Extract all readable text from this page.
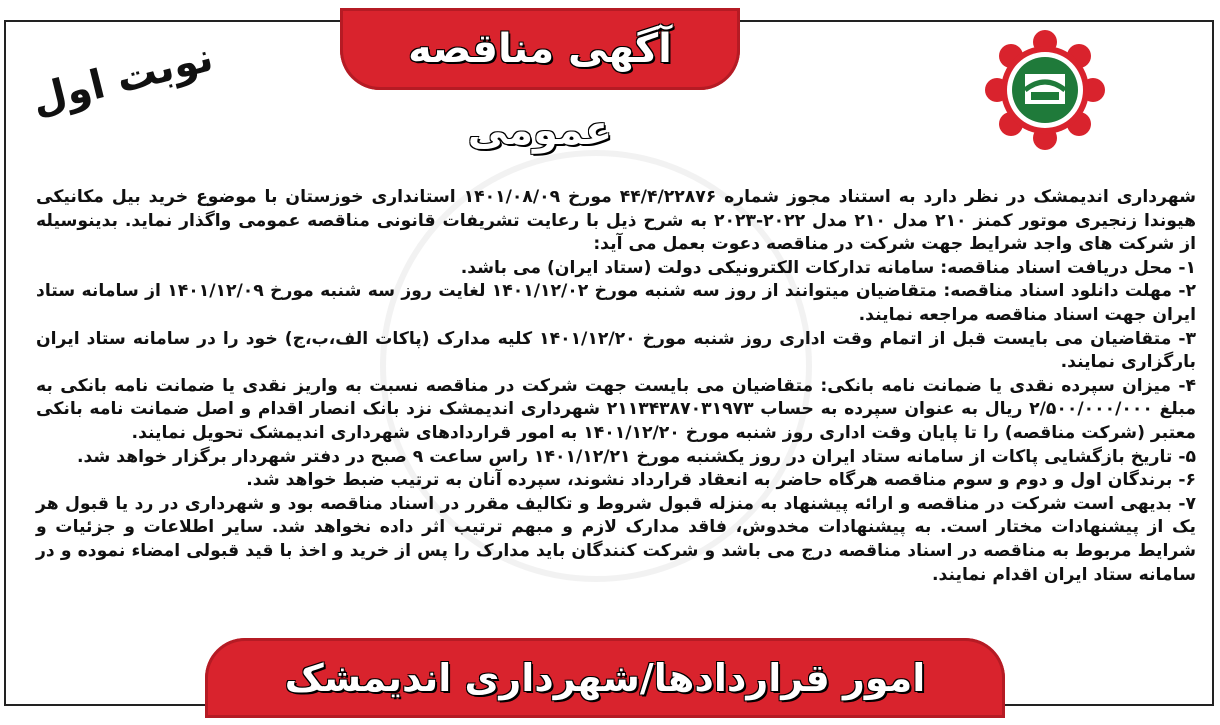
آگهی مناقصه عمومی
نوبت اول

شهرداری اندیمشک در نظر دارد به استناد مجوز شماره ۴۴/۴/۲۲۸۷۶ مورخ ۱۴۰۱/۰۸/۰۹ استانداری خوزستان با موضوع خرید بیل مکانیکی هیوندا زنجیری موتور کمنز ۲۱۰ مدل ۲۱۰ مدل ۲۰۲۲-۲۰۲۳ به شرح ذیل با رعایت تشریفات قانونی مناقصه عمومی واگذار نماید. بدینوسیله از شرکت های واجد شرایط جهت شرکت در مناقصه دعوت بعمل می آید:

۱- محل دریافت اسناد مناقصه: سامانه تدارکات الکترونیکی دولت (ستاد ایران) می باشد.

۲- مهلت دانلود اسناد مناقصه: متقاضیان میتوانند از روز سه شنبه مورخ ۱۴۰۱/۱۲/۰۲ لغایت روز سه شنبه مورخ ۱۴۰۱/۱۲/۰۹ از سامانه ستاد ایران جهت اسناد مناقصه مراجعه نمایند.

۳- متقاضیان می بایست قبل از اتمام وقت اداری روز شنبه مورخ ۱۴۰۱/۱۲/۲۰ کلیه مدارک (پاکات الف،ب،ج) خود را در سامانه ستاد ایران بارگزاری نمایند.

۴- میزان سپرده نقدی یا ضمانت نامه بانکی: متقاضیان می بایست جهت شرکت در مناقصه نسبت به واریز نقدی یا ضمانت نامه بانکی به مبلغ ۲/۵۰۰/۰۰۰/۰۰۰ ریال به عنوان سپرده به حساب ۲۱۱۳۴۳۸۷۰۳۱۹۷۳ شهرداری اندیمشک نزد بانک انصار اقدام و اصل ضمانت نامه بانکی معتبر (شرکت مناقصه) را تا پایان وقت اداری روز شنبه مورخ ۱۴۰۱/۱۲/۲۰ به امور قراردادهای شهرداری اندیمشک تحویل نمایند.

۵- تاریخ بازگشایی پاکات از سامانه ستاد ایران در روز یکشنبه مورخ ۱۴۰۱/۱۲/۲۱ راس ساعت ۹ صبح در دفتر شهردار برگزار خواهد شد.

۶- برندگان اول و دوم و سوم مناقصه هرگاه حاضر به انعقاد قرارداد نشوند، سپرده آنان به ترتیب ضبط خواهد شد.

۷- بدیهی است شرکت در مناقصه و ارائه پیشنهاد به منزله قبول شروط و تکالیف مقرر در اسناد مناقصه بود و شهرداری در رد یا قبول هر یک از پیشنهادات مختار است. به پیشنهادات مخدوش، فاقد مدارک لازم و مبهم ترتیب اثر داده نخواهد شد. سایر اطلاعات و جزئیات و شرایط مربوط به مناقصه در اسناد مناقصه درج می باشد و شرکت کنندگان باید مدارک را پس از خرید و اخذ با قید قبولی امضاء نموده و در سامانه ستاد ایران اقدام نمایند.

امور قراردادها/شهرداری اندیمشک
